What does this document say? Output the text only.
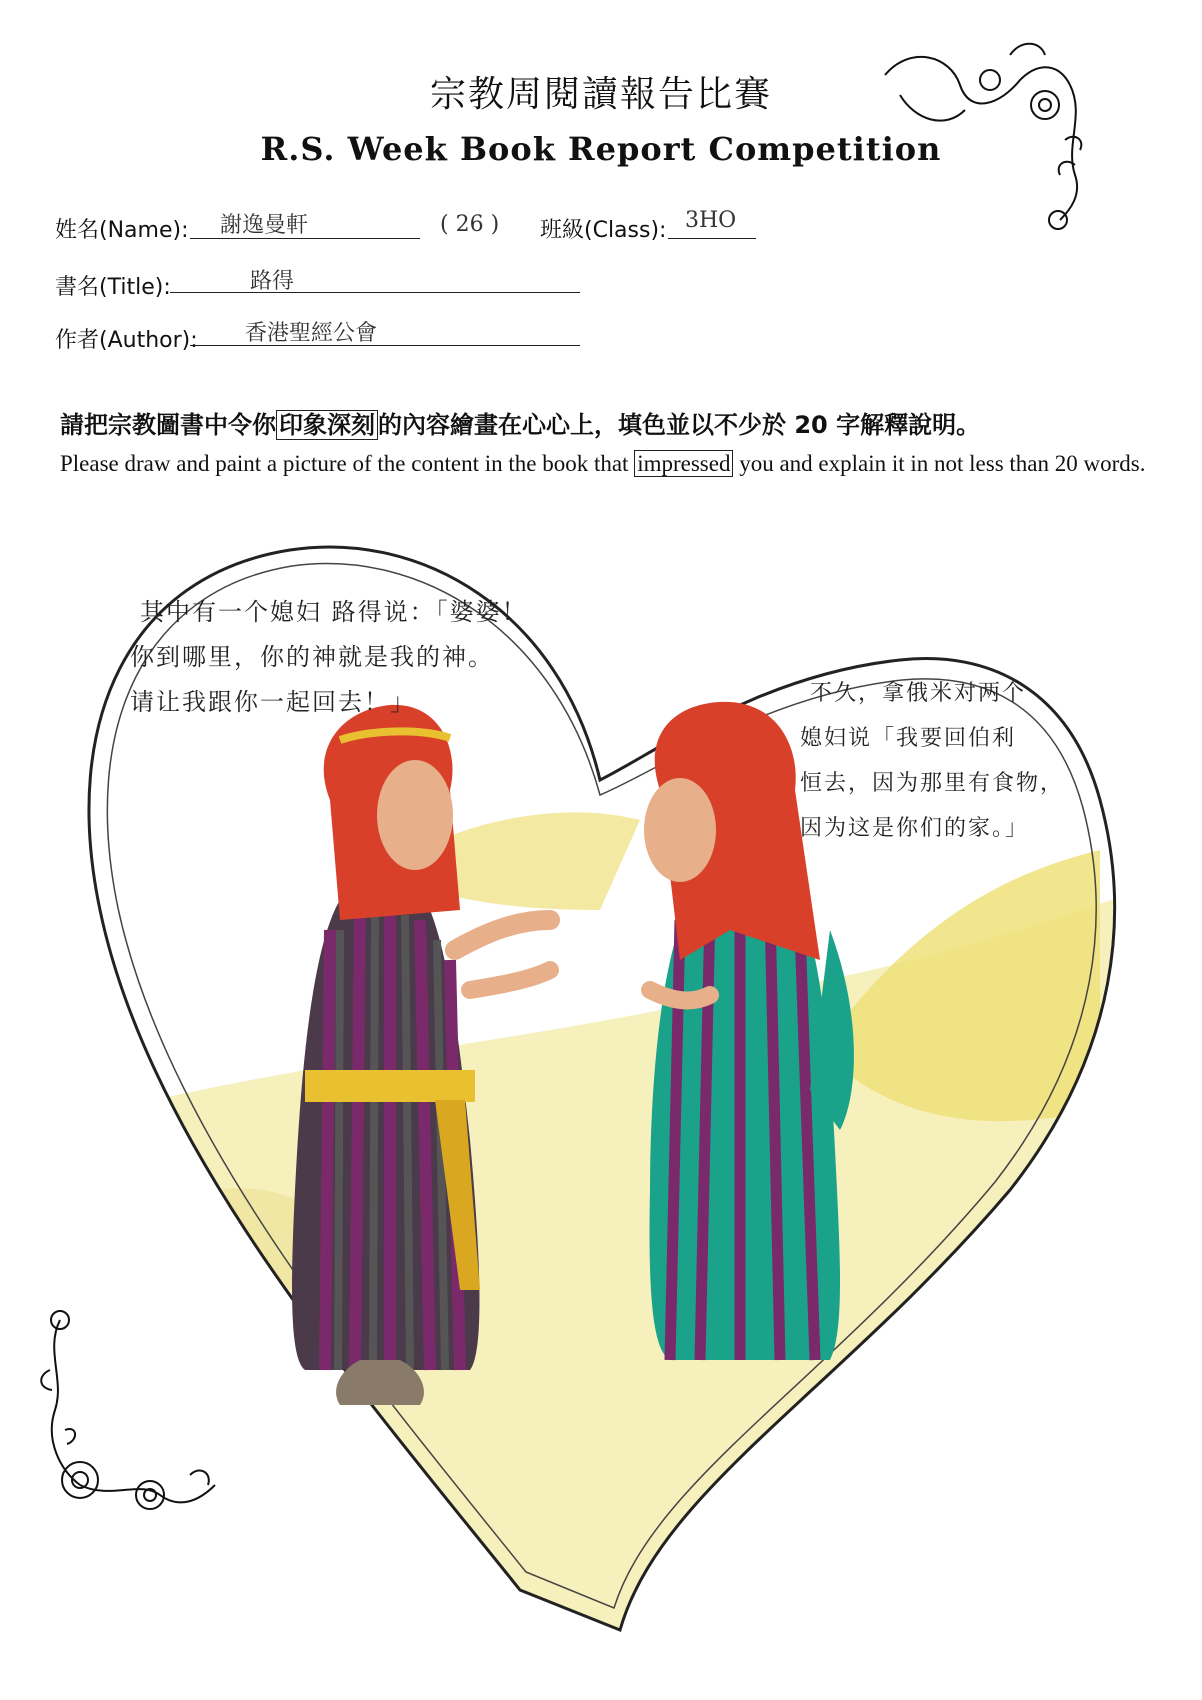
宗教周閱讀報告比賽
R.S. Week Book Report Competition
姓名(Name): 謝逸曼軒	( 26 ) 班級(Class): 3HO
書名(Title):	路得
作者(Author): 香港聖經公會
請把宗教圖書中令你 印象深刻 的內容繪畫在心心上，填色並以不少於 20 字解釋說明。
Please draw and paint a picture of the content in the book that impressed you and explain it in not less than 20 words.
其中有一个媳妇 路得说：「婆婆！
你到哪里，你的神就是我的神。
请让我跟你一起回去！」	不久，拿俄米对两个
媳妇说「我要回伯利
恒去，因为那里有食物，
因为这是你们的家。」
